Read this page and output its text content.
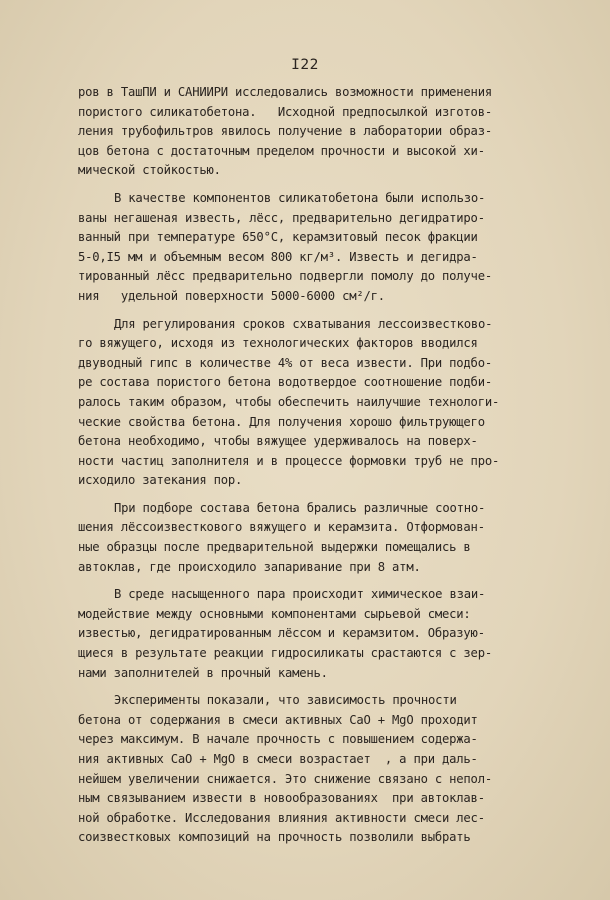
I22
ров в ТашПИ и САНИИРИ исследовались возможности применения
пористого силикатобетона.   Исходной предпосылкой изготов-
ления трубофильтров явилось получение в лаборатории образ-
цов бетона с достаточным пределом прочности и высокой хи-
мической стойкостью.
В качестве компонентов силикатобетона были использо-
ваны негашеная известь, лёсс, предварительно дегидратиро-
ванный при температуре 650°С, керамзитовый песок фракции
5-0,I5 мм и объемным весом 800 кг/м³. Известь и дегидра-
тированный лёсс предварительно подвергли помолу до получе-
ния   удельной поверхности 5000-6000 см²/г.
Для регулирования сроков схватывания лессоизвестково-
го вяжущего, исходя из технологических факторов вводился
двуводный гипс в количестве 4% от веса извести. При подбо-
ре состава пористого бетона водотвердое соотношение подби-
ралось таким образом, чтобы обеспечить наилучшие технологи-
ческие свойства бетона. Для получения хорошо фильтрующего
бетона необходимо, чтобы вяжущее удерживалось на поверх-
ности частиц заполнителя и в процессе формовки труб не про-
исходило затекания пор.
При подборе состава бетона брались различные соотно-
шения лёссоизвесткового вяжущего и керамзита. Отформован-
ные образцы после предварительной выдержки помещались в
автоклав, где происходило запаривание при 8 атм.
В среде насыщенного пара происходит химическое взаи-
модействие между основными компонентами сырьевой смеси:
известью, дегидратированным лёссом и керамзитом. Образую-
щиеся в результате реакции гидросиликаты срастаются с зер-
нами заполнителей в прочный камень.
Эксперименты показали, что зависимость прочности
бетона от содержания в смеси активных СаО + MgО проходит
через максимум. В начале прочность с повышением содержа-
ния активных СаО + MgО в смеси возрастает  , а при даль-
нейшем увеличении снижается. Это снижение связано с непол-
ным связыванием извести в новообразованиях  при автоклав-
ной обработке. Исследования влияния активности смеси лес-
соизвестковых композиций на прочность позволили выбрать
